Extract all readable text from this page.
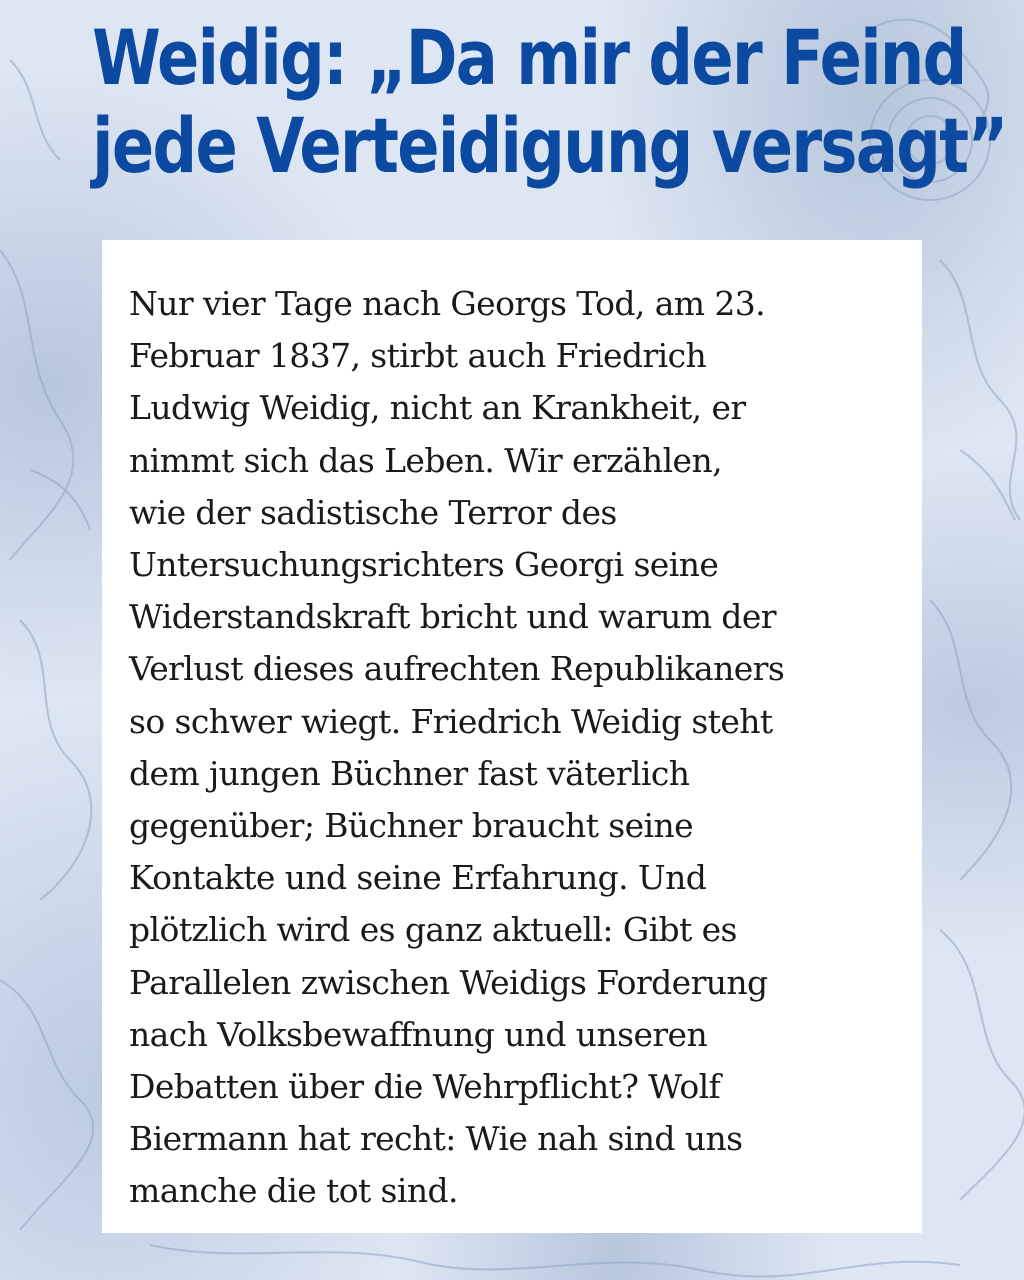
Weidig: „Da mir der Feind
jede Verteidigung versagt”

Nur vier Tage nach Georgs Tod, am 23.
Februar 1837, stirbt auch Friedrich
Ludwig Weidig, nicht an Krankheit, er
nimmt sich das Leben. Wir erzählen,
wie der sadistische Terror des
Untersuchungsrichters Georgi seine
Widerstandskraft bricht und warum der
Verlust dieses aufrechten Republikaners
so schwer wiegt. Friedrich Weidig steht
dem jungen Büchner fast väterlich
gegenüber; Büchner braucht seine
Kontakte und seine Erfahrung. Und
plötzlich wird es ganz aktuell: Gibt es
Parallelen zwischen Weidigs Forderung
nach Volksbewaffnung und unseren
Debatten über die Wehrpflicht? Wolf
Biermann hat recht: Wie nah sind uns
manche die tot sind.
